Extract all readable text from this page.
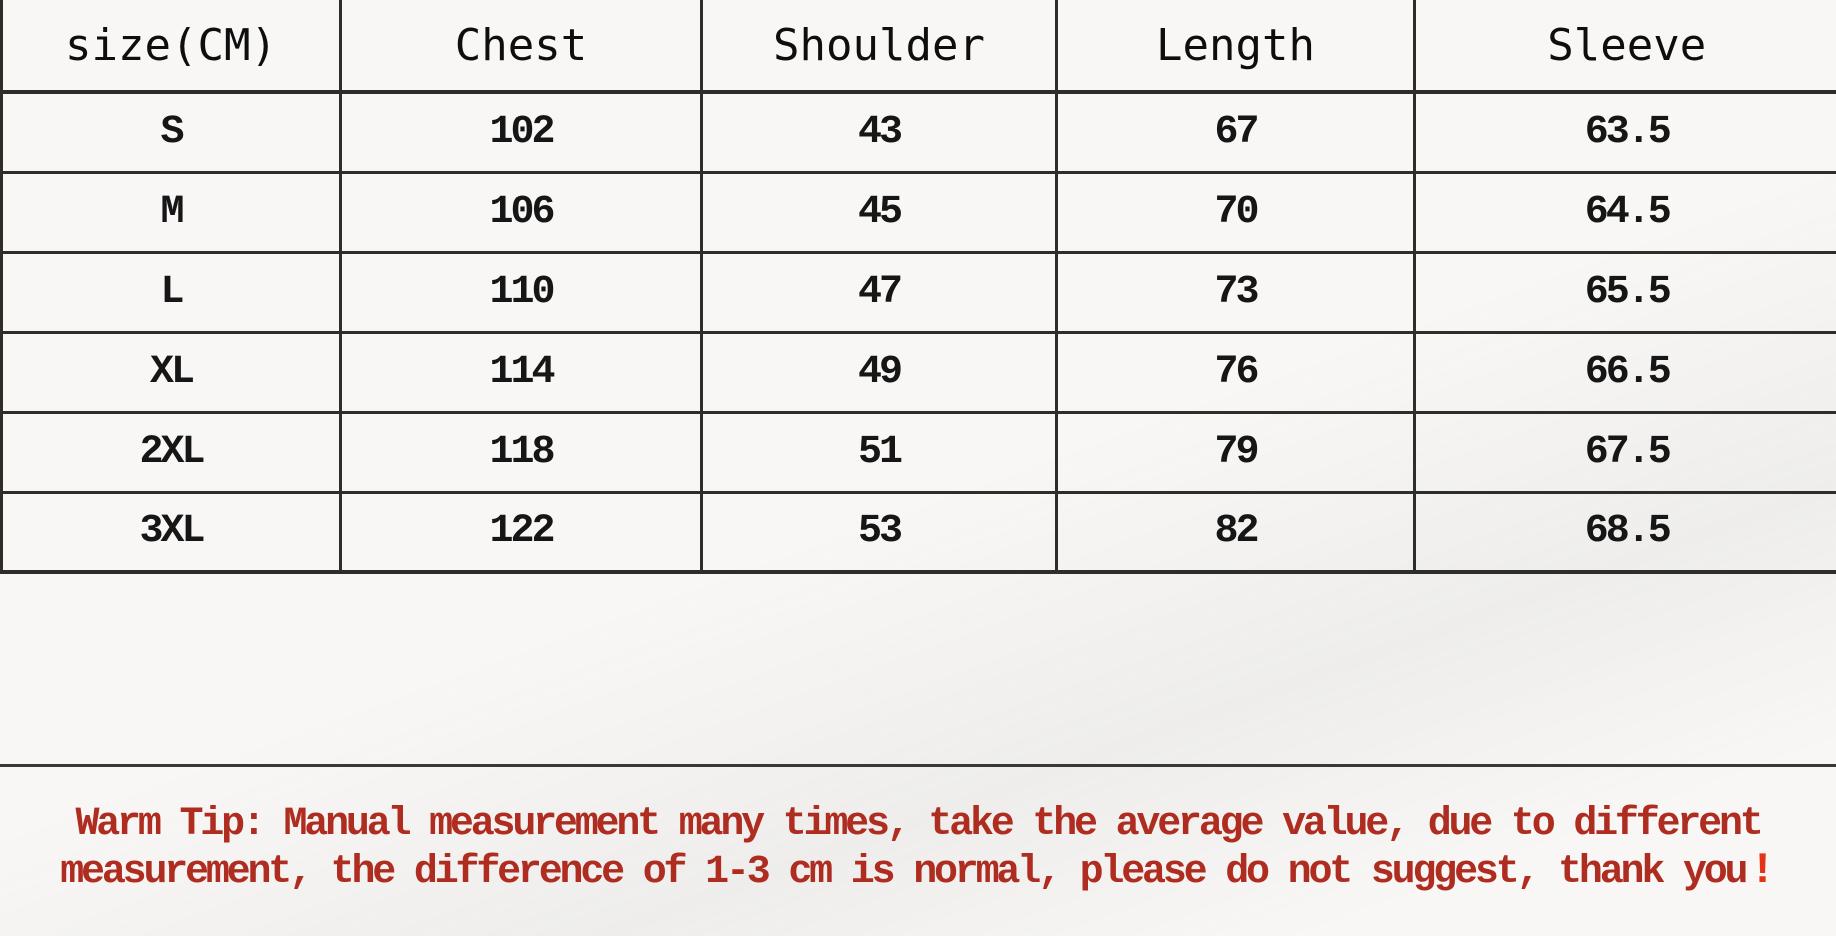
size(CM)	Chest	Shoulder	Length	Sleeve
S	102	43	67	63.5
M	106	45	70	64.5
L	110	47	73	65.5
XL	114	49	76	66.5
2XL	118	51	79	67.5
3XL	122	53	82	68.5
Warm Tip: Manual measurement many times, take the average value, due to different
measurement, the difference of 1-3 cm is normal, please do not suggest, thank you!
